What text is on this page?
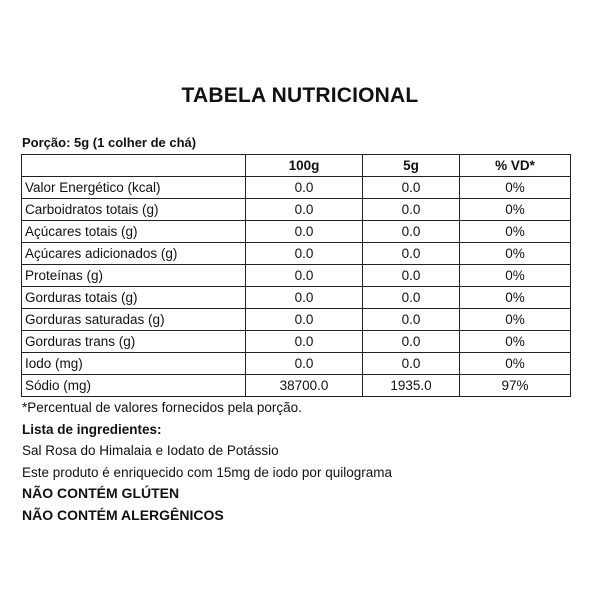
TABELA NUTRICIONAL
Porção: 5g (1 colher de chá)
	100g	5g	% VD*
Valor Energético (kcal)	0.0	0.0	0%
Carboidratos totais (g)	0.0	0.0	0%
Açúcares totais (g)	0.0	0.0	0%
Açúcares adicionados (g)	0.0	0.0	0%
Proteínas (g)	0.0	0.0	0%
Gorduras totais (g)	0.0	0.0	0%
Gorduras saturadas (g)	0.0	0.0	0%
Gorduras trans (g)	0.0	0.0	0%
Iodo (mg)	0.0	0.0	0%
Sódio (mg)	38700.0	1935.0	97%
*Percentual de valores fornecidos pela porção.
Lista de ingredientes:
Sal Rosa do Himalaia e Iodato de Potássio
Este produto é enriquecido com 15mg de iodo por quilograma
NÃO CONTÉM GLÚTEN
NÃO CONTÉM ALERGÊNICOS
